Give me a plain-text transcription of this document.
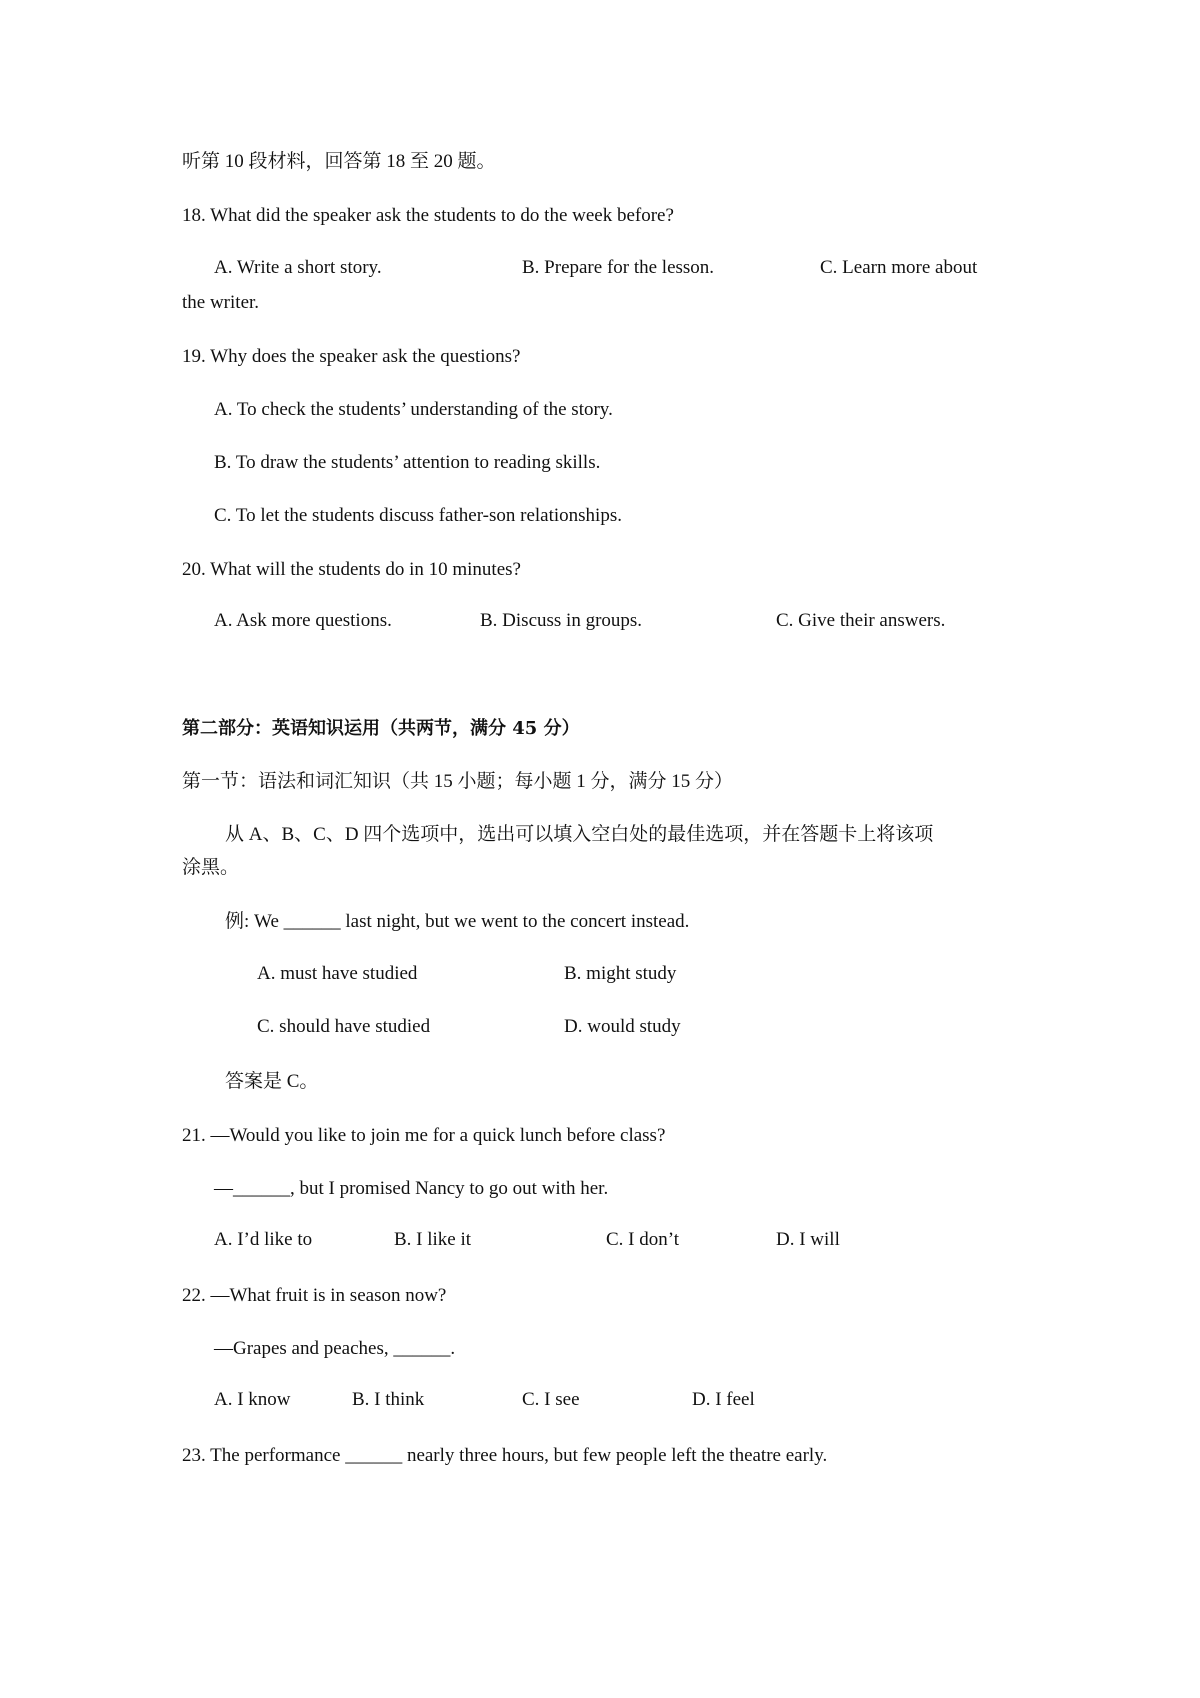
听第 10 段材料，回答第 18 至 20 题。
18. What did the speaker ask the students to do the week before?
A. Write a short story.	B. Prepare for the lesson.	C. Learn more about
the writer.
19. Why does the speaker ask the questions?
A. To check the students’ understanding of the story.
B. To draw the students’ attention to reading skills.
C. To let the students discuss father-son relationships.
20. What will the students do in 10 minutes?
A. Ask more questions.	B. Discuss in groups.	C. Give their answers.
第二部分：英语知识运用（共两节，满分 45 分）
第一节：语法和词汇知识（共 15 小题；每小题 1 分，满分 15 分）
从 A、B、C、D 四个选项中，选出可以填入空白处的最佳选项，并在答题卡上将该项
涂黑。
例: We ______ last night, but we went to the concert instead.
A. must have studied	B. might study
C. should have studied	D. would study
答案是 C。
21. —Would you like to join me for a quick lunch before class?
—______, but I promised Nancy to go out with her.
A. I’d like to	B. I like it	C. I don’t	D. I will
22. —What fruit is in season now?
—Grapes and peaches, ______.
A. I know	B. I think	C. I see	D. I feel
23. The performance ______ nearly three hours, but few people left the theatre early.
